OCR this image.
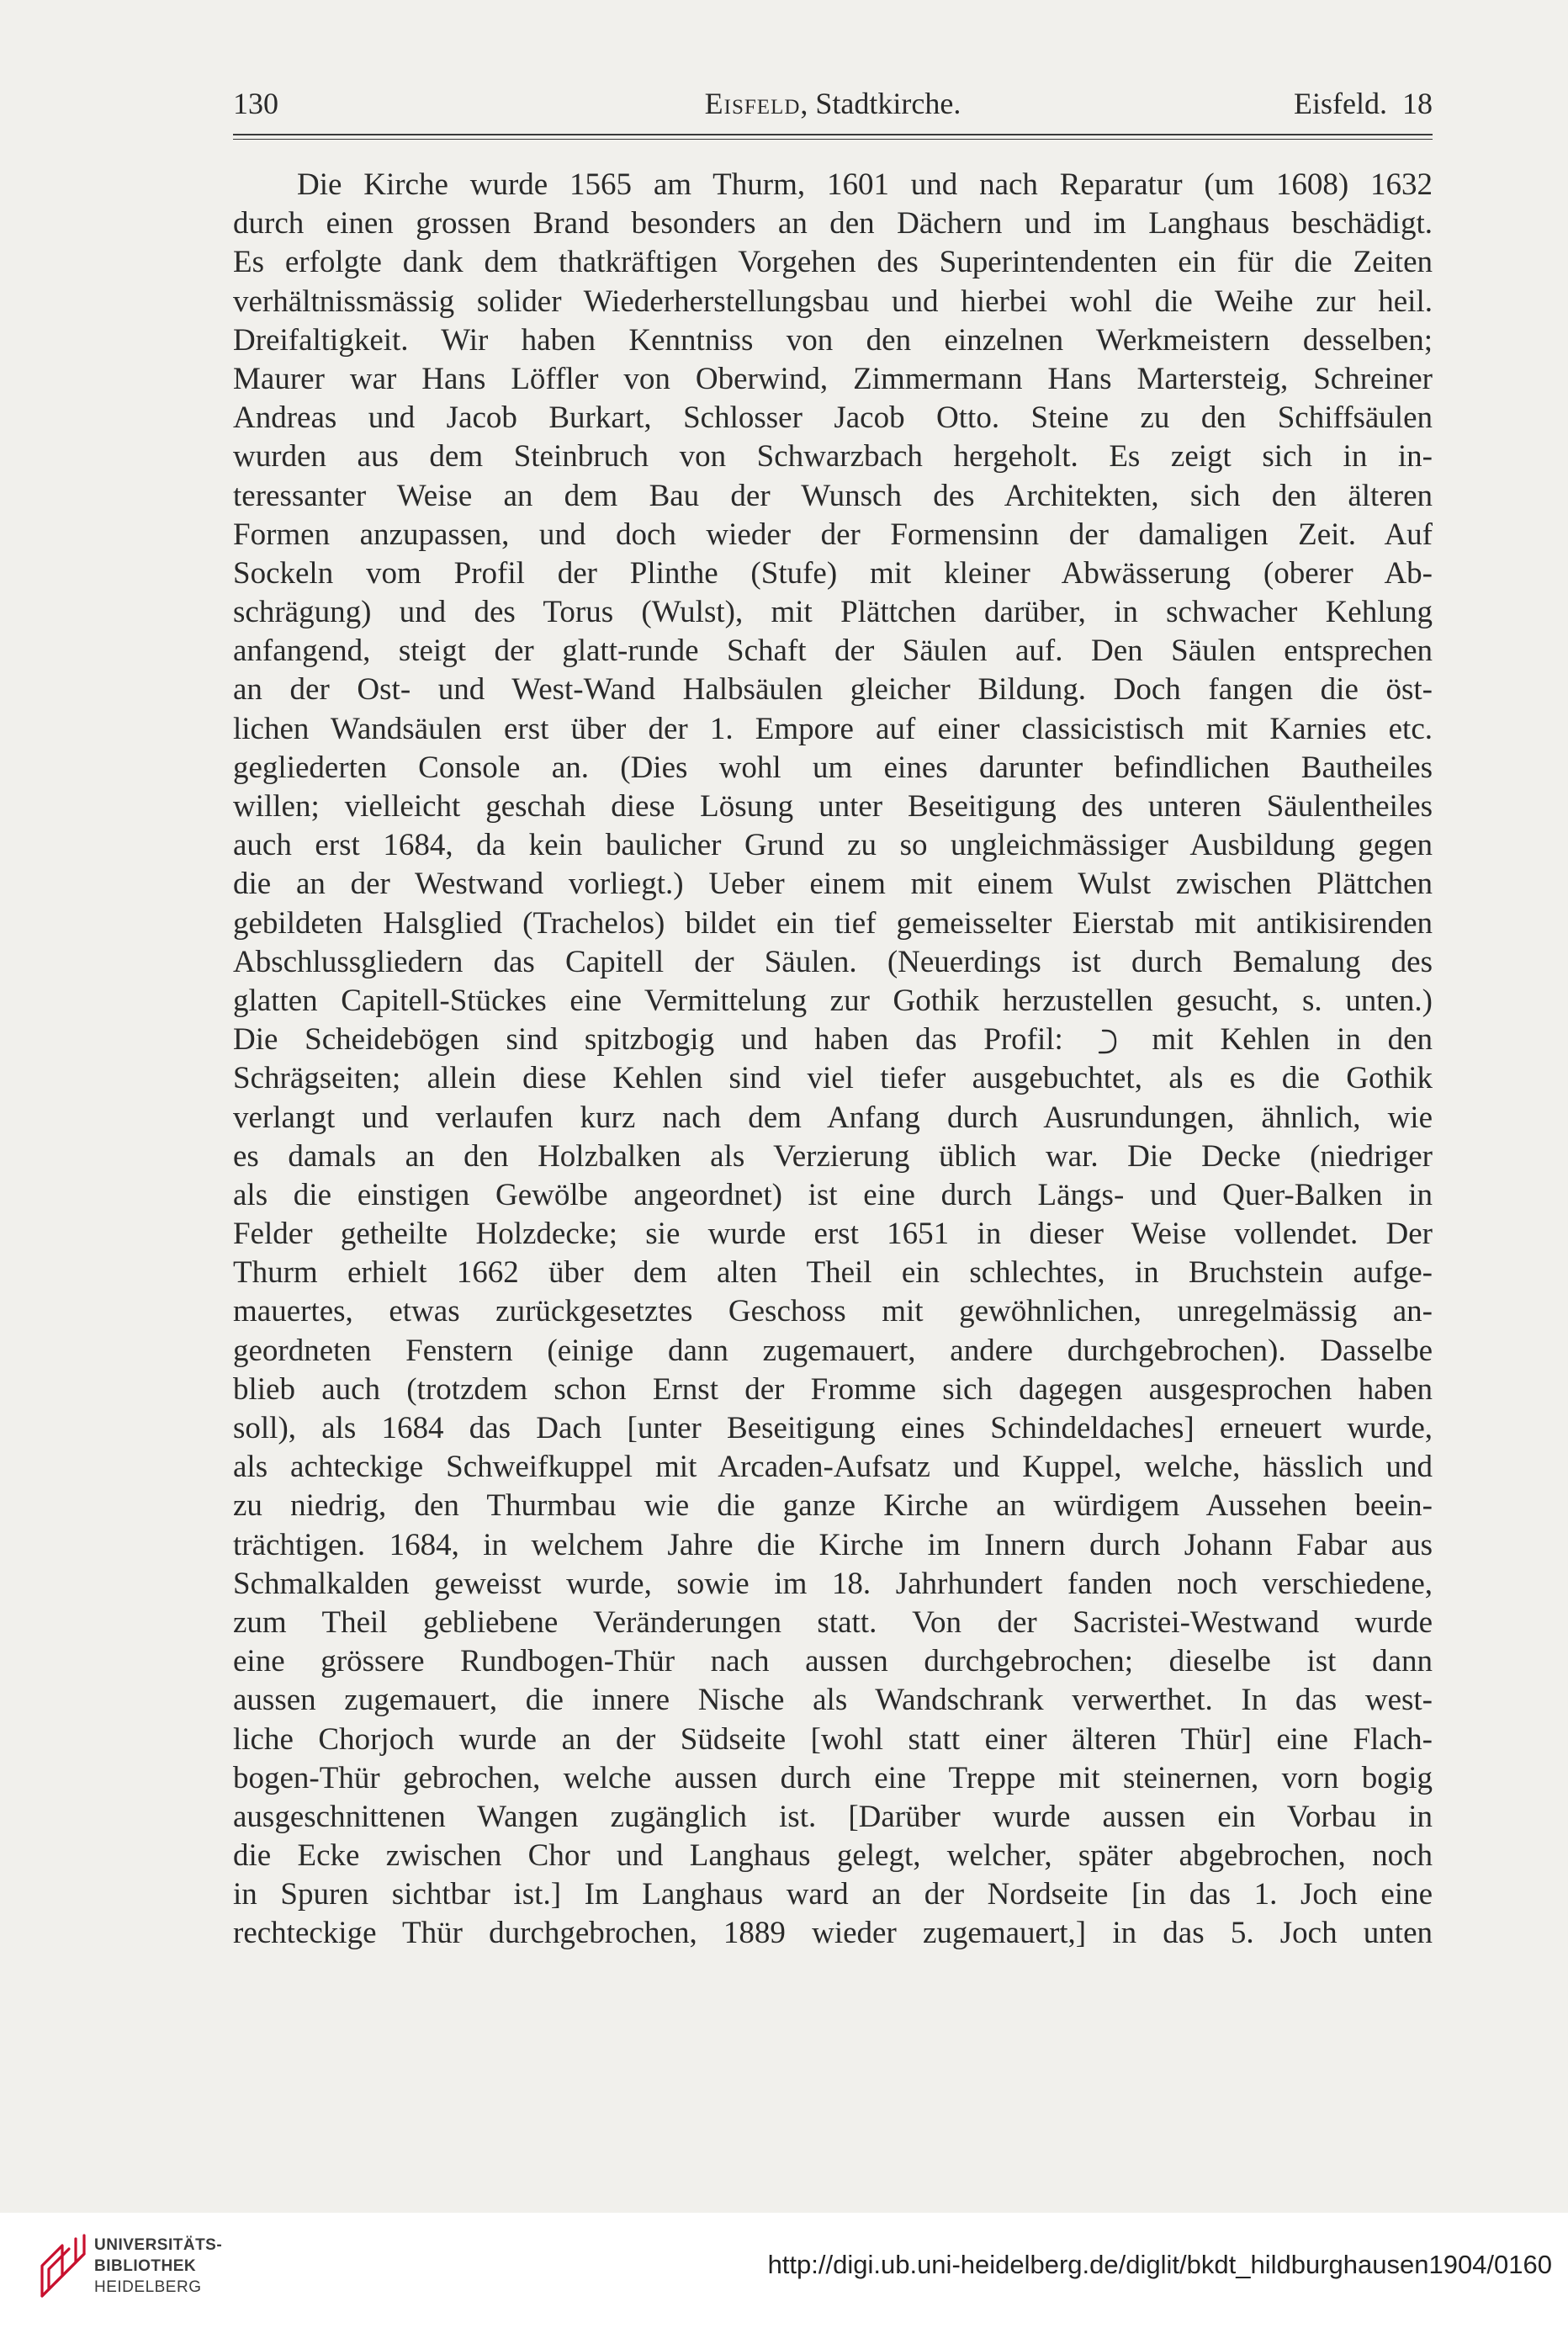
130	Eisfeld, Stadtkirche.	Eisfeld.  18
Die Kirche wurde 1565 am Thurm, 1601 und nach Reparatur (um 1608) 1632
durch einen grossen Brand besonders an den Dächern und im Langhaus beschädigt.
Es erfolgte dank dem thatkräftigen Vorgehen des Superintendenten ein für die Zeiten
verhältnissmässig solider Wiederherstellungsbau und hierbei wohl die Weihe zur heil.
Dreifaltigkeit. Wir haben Kenntniss von den einzelnen Werkmeistern desselben;
Maurer war Hans Löffler von Oberwind, Zimmermann Hans Martersteig, Schreiner
Andreas und Jacob Burkart, Schlosser Jacob Otto. Steine zu den Schiffsäulen
wurden aus dem Steinbruch von Schwarzbach hergeholt. Es zeigt sich in in-
teressanter Weise an dem Bau der Wunsch des Architekten, sich den älteren
Formen anzupassen, und doch wieder der Formensinn der damaligen Zeit. Auf
Sockeln vom Profil der Plinthe (Stufe) mit kleiner Abwässerung (oberer Ab-
schrägung) und des Torus (Wulst), mit Plättchen darüber, in schwacher Kehlung
anfangend, steigt der glatt-runde Schaft der Säulen auf. Den Säulen entsprechen
an der Ost- und West-Wand Halbsäulen gleicher Bildung. Doch fangen die öst-
lichen Wandsäulen erst über der 1. Empore auf einer classicistisch mit Karnies etc.
gegliederten Console an. (Dies wohl um eines darunter befindlichen Bautheiles
willen; vielleicht geschah diese Lösung unter Beseitigung des unteren Säulentheiles
auch erst 1684, da kein baulicher Grund zu so ungleichmässiger Ausbildung gegen
die an der Westwand vorliegt.) Ueber einem mit einem Wulst zwischen Plättchen
gebildeten Halsglied (Trachelos) bildet ein tief gemeisselter Eierstab mit antikisirenden
Abschlussgliedern das Capitell der Säulen. (Neuerdings ist durch Bemalung des
glatten Capitell-Stückes eine Vermittelung zur Gothik herzustellen gesucht, s. unten.)
Die Scheidebögen sind spitzbogig und haben das Profil:	mit Kehlen in den
Schrägseiten; allein diese Kehlen sind viel tiefer ausgebuchtet, als es die Gothik
verlangt und verlaufen kurz nach dem Anfang durch Ausrundungen, ähnlich, wie
es damals an den Holzbalken als Verzierung üblich war. Die Decke (niedriger
als die einstigen Gewölbe angeordnet) ist eine durch Längs- und Quer-Balken in
Felder getheilte Holzdecke; sie wurde erst 1651 in dieser Weise vollendet. Der
Thurm erhielt 1662 über dem alten Theil ein schlechtes, in Bruchstein aufge-
mauertes, etwas zurückgesetztes Geschoss mit gewöhnlichen, unregelmässig an-
geordneten Fenstern (einige dann zugemauert, andere durchgebrochen). Dasselbe
blieb auch (trotzdem schon Ernst der Fromme sich dagegen ausgesprochen haben
soll), als 1684 das Dach [unter Beseitigung eines Schindeldaches] erneuert wurde,
als achteckige Schweifkuppel mit Arcaden-Aufsatz und Kuppel, welche, hässlich und
zu niedrig, den Thurmbau wie die ganze Kirche an würdigem Aussehen beein-
trächtigen. 1684, in welchem Jahre die Kirche im Innern durch Johann Fabar aus
Schmalkalden geweisst wurde, sowie im 18. Jahrhundert fanden noch verschiedene,
zum Theil gebliebene Veränderungen statt. Von der Sacristei-Westwand wurde
eine grössere Rundbogen-Thür nach aussen durchgebrochen; dieselbe ist dann
aussen zugemauert, die innere Nische als Wandschrank verwerthet. In das west-
liche Chorjoch wurde an der Südseite [wohl statt einer älteren Thür] eine Flach-
bogen-Thür gebrochen, welche aussen durch eine Treppe mit steinernen, vorn bogig
ausgeschnittenen Wangen zugänglich ist. [Darüber wurde aussen ein Vorbau in
die Ecke zwischen Chor und Langhaus gelegt, welcher, später abgebrochen, noch
in Spuren sichtbar ist.] Im Langhaus ward an der Nordseite [in das 1. Joch eine
rechteckige Thür durchgebrochen, 1889 wieder zugemauert,] in das 5. Joch unten
UNIVERSITÄTS-
BIBLIOTHEK
HEIDELBERG
http://digi.ub.uni-heidelberg.de/diglit/bkdt_hildburghausen1904/0160
